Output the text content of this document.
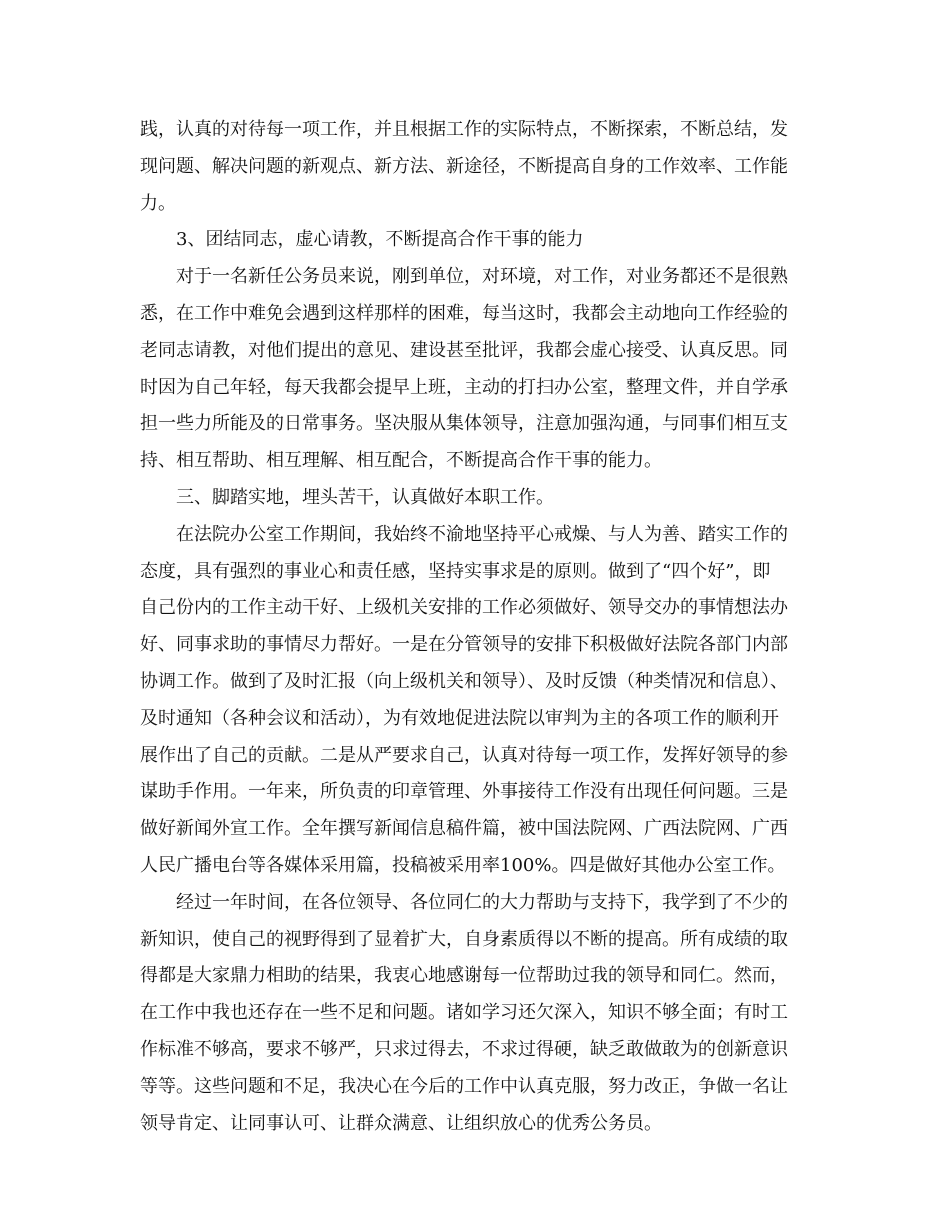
践，认真的对待每一项工作，并且根据工作的实际特点，不断探索，不断总结，发
现问题、解决问题的新观点、新方法、新途径，不断提高自身的工作效率、工作能
力。
3、团结同志，虚心请教，不断提高合作干事的能力
对于一名新任公务员来说，刚到单位，对环境，对工作，对业务都还不是很熟
悉，在工作中难免会遇到这样那样的困难，每当这时，我都会主动地向工作经验的
老同志请教，对他们提出的意见、建设甚至批评，我都会虚心接受、认真反思。同
时因为自己年轻，每天我都会提早上班，主动的打扫办公室，整理文件，并自学承
担一些力所能及的日常事务。坚决服从集体领导，注意加强沟通，与同事们相互支
持、相互帮助、相互理解、相互配合，不断提高合作干事的能力。
三、脚踏实地，埋头苦干，认真做好本职工作。
在法院办公室工作期间，我始终不渝地坚持平心戒燥、与人为善、踏实工作的
态度，具有强烈的事业心和责任感，坚持实事求是的原则。做到了“四个好”，即
自己份内的工作主动干好、上级机关安排的工作必须做好、领导交办的事情想法办
好、同事求助的事情尽力帮好。一是在分管领导的安排下积极做好法院各部门内部
协调工作。做到了及时汇报（向上级机关和领导）、及时反馈（种类情况和信息）、
及时通知（各种会议和活动），为有效地促进法院以审判为主的各项工作的顺利开
展作出了自己的贡献。二是从严要求自己，认真对待每一项工作，发挥好领导的参
谋助手作用。一年来，所负责的印章管理、外事接待工作没有出现任何问题。三是
做好新闻外宣工作。全年撰写新闻信息稿件篇，被中国法院网、广西法院网、广西
人民广播电台等各媒体采用篇，投稿被采用率100%。四是做好其他办公室工作。
经过一年时间，在各位领导、各位同仁的大力帮助与支持下，我学到了不少的
新知识，使自己的视野得到了显着扩大，自身素质得以不断的提高。所有成绩的取
得都是大家鼎力相助的结果，我衷心地感谢每一位帮助过我的领导和同仁。然而，
在工作中我也还存在一些不足和问题。诸如学习还欠深入，知识不够全面；有时工
作标准不够高，要求不够严，只求过得去，不求过得硬，缺乏敢做敢为的创新意识
等等。这些问题和不足，我决心在今后的工作中认真克服，努力改正，争做一名让
领导肯定、让同事认可、让群众满意、让组织放心的优秀公务员。
